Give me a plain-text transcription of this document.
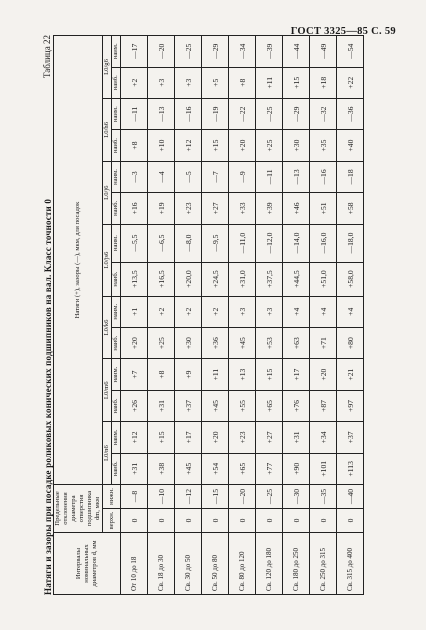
ГОСТ 3325—85 С. 59
Натяги и зазоры при посадке роликовых конических подшипников на вал. Класс точности 0
Таблица 22
Интервалы номинальных диаметров d, мм	Предельные отклонения диаметра отверстия подшипника dm, мкм		Натяги (+), зазоры (—), мкм, для посадок													
	верхн.	нижн.	L0/n6		L0/m6		L0/k6		L0/js6		L0/j6		L0/h6		L0/g6	
			наиб.	наим.	наиб.	наим.	наиб.	наим.	наиб.	наим.	наиб.	наим.	наиб.	наим.	наиб.	наим.
От 10 до 18	0	—8	+31	+12	+26	+7	+20	+1	+13,5	—5,5	+16	—3	+8	—11	+2	—17
Св. 18 до 30	0	—10	+38	+15	+31	+8	+25	+2	+16,5	—6,5	+19	—4	+10	—13	+3	—20
Св. 30 до 50	0	—12	+45	+17	+37	+9	+30	+2	+20,0	—8,0	+23	—5	+12	—16	+3	—25
Св. 50 до 80	0	—15	+54	+20	+45	+11	+36	+2	+24,5	—9,5	+27	—7	+15	—19	+5	—29
Св. 80 до 120	0	—20	+65	+23	+55	+13	+45	+3	+31,0	—11,0	+33	—9	+20	—22	+8	—34
Св. 120 до 180	0	—25	+77	+27	+65	+15	+53	+3	+37,5	—12,0	+39	—11	+25	—25	+11	—39
Св. 180 до 250	0	—30	+90	+31	+76	+17	+63	+4	+44,5	—14,0	+46	—13	+30	—29	+15	—44
Св. 250 до 315	0	—35	+101	+34	+87	+20	+71	+4	+51,0	—16,0	+51	—16	+35	—32	+18	—49
Св. 315 до 400	0	—40	+113	+37	+97	+21	+80	+4	+58,0	—18,0	+58	—18	+40	—36	+22	—54
